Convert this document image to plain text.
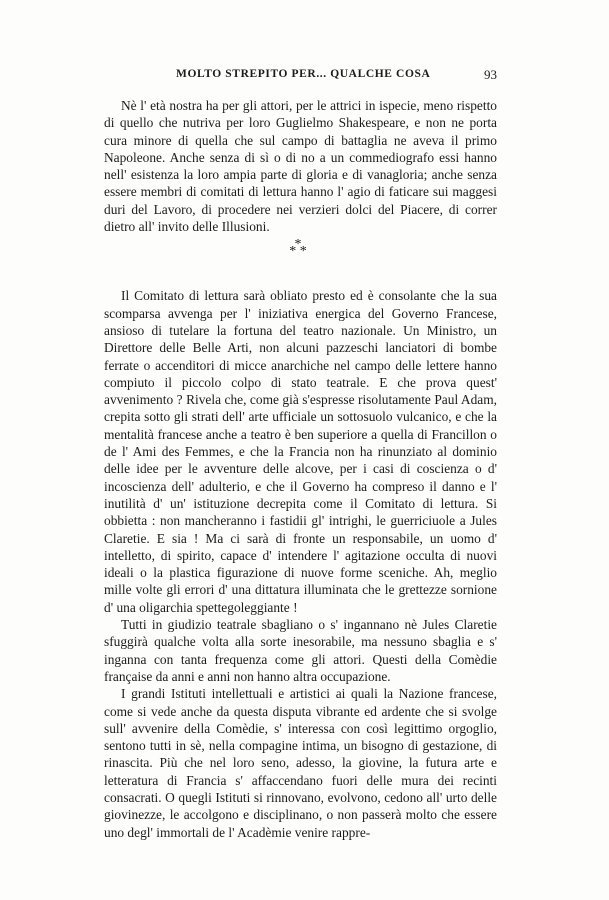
MOLTO STREPITO PER... QUALCHE COSA	93

Nè l' età nostra ha per gli attori, per le attrici in ispecie, meno rispetto di quello che nutriva per loro Guglielmo Shakespeare, e non ne porta cura minore di quella che sul campo di battaglia ne aveva il primo Napoleone. Anche senza di sì o di no a un commediografo essi hanno nell' esistenza la loro ampia parte di gloria e di vanagloria; anche senza essere membri di comitati di lettura hanno l' agio di faticare sui maggesi duri del Lavoro, di procedere nei verzieri dolci del Piacere, di correr dietro all' invito delle Illusioni.

*
* *

Il Comitato di lettura sarà obliato presto ed è consolante che la sua scomparsa avvenga per l' iniziativa energica del Governo Francese, ansioso di tutelare la fortuna del teatro nazionale. Un Ministro, un Direttore delle Belle Arti, non alcuni pazzeschi lanciatori di bombe ferrate o accenditori di micce anarchiche nel campo delle lettere hanno compiuto il piccolo colpo di stato teatrale. E che prova quest' avvenimento ? Rivela che, come già s'espresse risolutamente Paul Adam, crepita sotto gli strati dell' arte ufficiale un sottosuolo vulcanico, e che la mentalità francese anche a teatro è ben superiore a quella di Francillon o de l' Ami des Femmes, e che la Francia non ha rinunziato al dominio delle idee per le avventure delle alcove, per i casi di coscienza o d' incoscienza dell' adulterio, e che il Governo ha compreso il danno e l' inutilità d' un' istituzione decrepita come il Comitato di lettura. Si obbietta : non mancheranno i fastidii gl' intrighi, le guerriciuole a Jules Claretie. E sia ! Ma ci sarà di fronte un responsabile, un uomo d' intelletto, di spirito, capace d' intendere l' agitazione occulta di nuovi ideali o la plastica figurazione di nuove forme sceniche. Ah, meglio mille volte gli errori d' una dittatura illuminata che le grettezze sornione d' una oligarchia spettegoleggiante !

Tutti in giudizio teatrale sbagliano o s' ingannano nè Jules Claretie sfuggirà qualche volta alla sorte inesorabile, ma nessuno sbaglia e s' inganna con tanta frequenza come gli attori. Questi della Comèdie française da anni e anni non hanno altra occupazione.

I grandi Istituti intellettuali e artistici ai quali la Nazione francese, come si vede anche da questa disputa vibrante ed ardente che si svolge sull' avvenire della Comèdie, s' interessa con così legittimo orgoglio, sentono tutti in sè, nella compagine intima, un bisogno di gestazione, di rinascita. Più che nel loro seno, adesso, la giovine, la futura arte e letteratura di Francia s' affaccendano fuori delle mura dei recinti consacrati. O quegli Istituti si rinnovano, evolvono, cedono all' urto delle giovinezze, le accolgono e disciplinano, o non passerà molto che essere uno degl' immortali de l' Acadèmie venire rappre-
